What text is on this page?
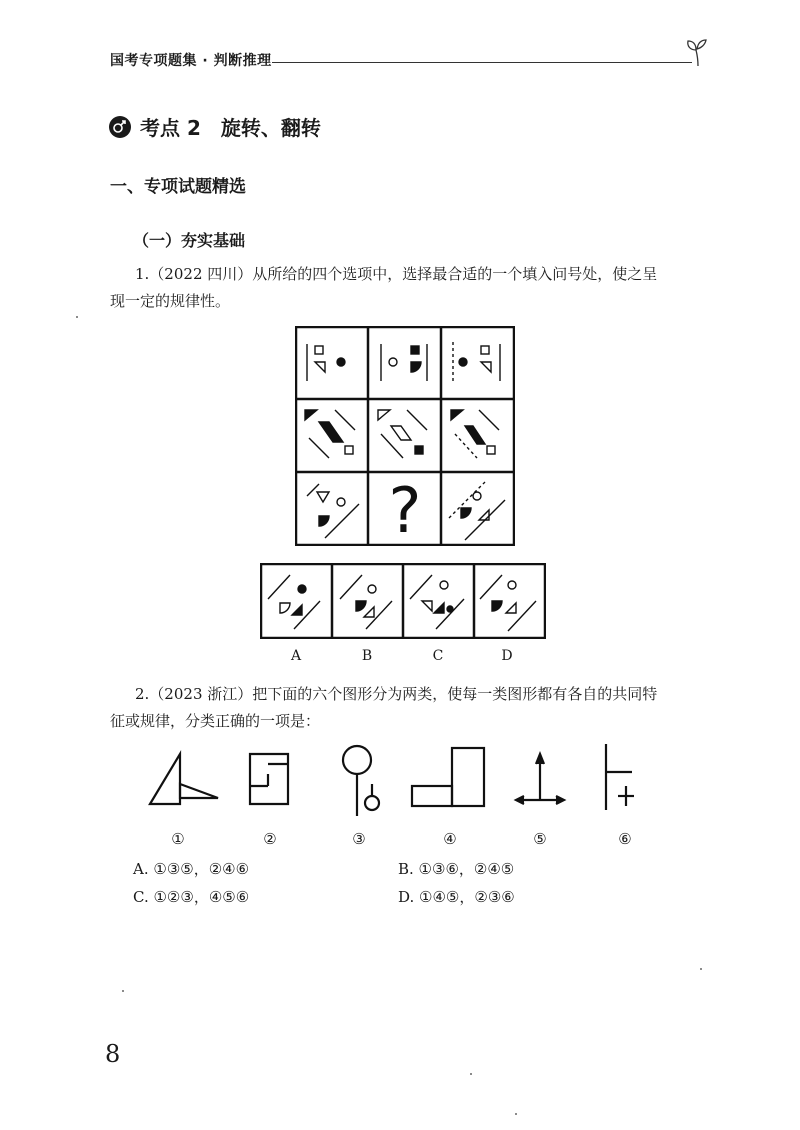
国考专项题集 · 判断推理
考点 2　旋转、翻转
一、专项试题精选
（一）夯实基础
1.（2022 四川）从所给的四个选项中，选择最合适的一个填入问号处，使之呈
现一定的规律性。
?
A	B	C	D
2.（2023 浙江）把下面的六个图形分为两类，使每一类图形都有各自的共同特
征或规律，分类正确的一项是：
①	②	③	④	⑤	⑥
A. ①③⑤，②④⑥	B. ①③⑥，②④⑤
C. ①②③，④⑤⑥	D. ①④⑤，②③⑥
8
